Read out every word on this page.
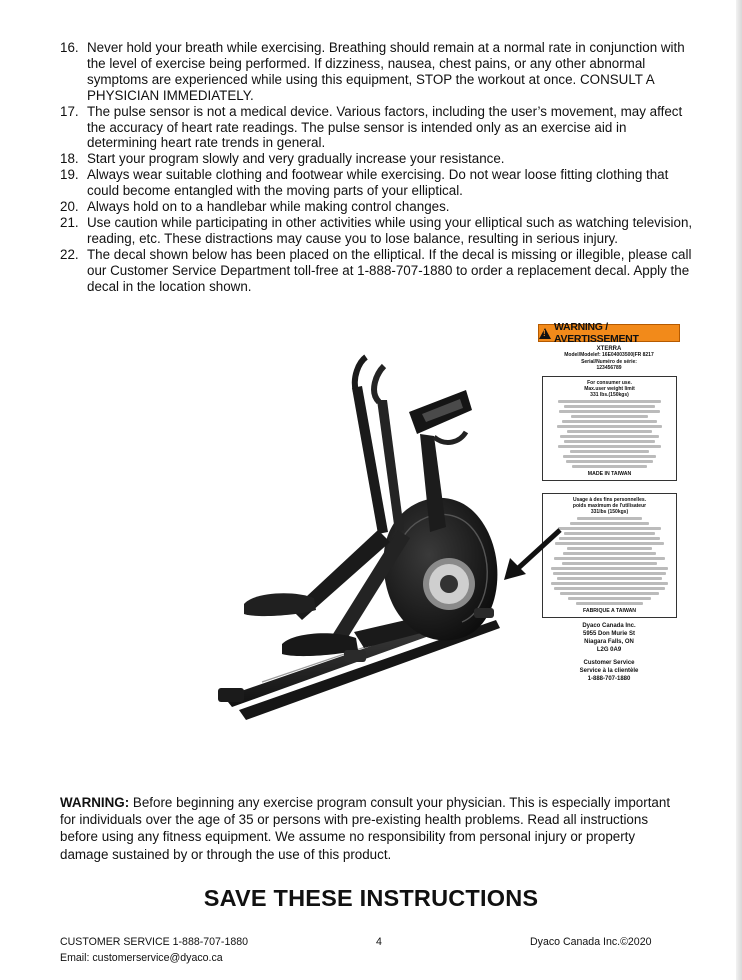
16. Never hold your breath while exercising. Breathing should remain at a normal rate in conjunction with the level of exercise being performed. If dizziness, nausea, chest pains, or any other abnormal symptoms are experienced while using this equipment, STOP the workout at once. CONSULT A PHYSICIAN IMMEDIATELY.
17. The pulse sensor is not a medical device. Various factors, including the user’s movement, may affect the accuracy of heart rate readings. The pulse sensor is intended only as an exercise aid in determining heart rate trends in general.
18. Start your program slowly and very gradually increase your resistance.
19. Always wear suitable clothing and footwear while exercising. Do not wear loose fitting clothing that could become entangled with the moving parts of your elliptical.
20. Always hold on to a handlebar while making control changes.
21. Use caution while participating in other activities while using your elliptical such as watching television, reading, etc. These distractions may cause you to lose balance, resulting in serious injury.
22. The decal shown below has been placed on the elliptical. If the decal is missing or illegible, please call our Customer Service Department toll-free at 1-888-707-1880 to order a replacement decal. Apply the decal in the location shown.
!
WARNING / AVERTISSEMENT
XTERRA
Model/Modelef: 16E04003500|FR 8217
Serial/Numéro de série:
123456789
For consumer use.
Max.user weight limit
331 lbs.(150kgs)
MADE IN TAIWAN
Usage à des fins personnelles.
poids maximum de l'utilisateur
331lbs (150kgs)
FABRIQUE A TAIWAN
Dyaco Canada Inc.
5955 Don Murie St
Niagara Falls, ON
L2G 0A9
Customer Service
Service à la clientèle
1-888-707-1880

WARNING: Before beginning any exercise program consult your physician. This is especially important for individuals over the age of 35 or persons with pre-existing health problems. Read all instructions before using any fitness equipment. We assume no responsibility from personal injury or property damage sustained by or through the use of this product.

SAVE THESE INSTRUCTIONS
CUSTOMER SERVICE 1-888-707-1880
Email: customerservice@dyaco.ca
4	Dyaco Canada Inc.©2020
